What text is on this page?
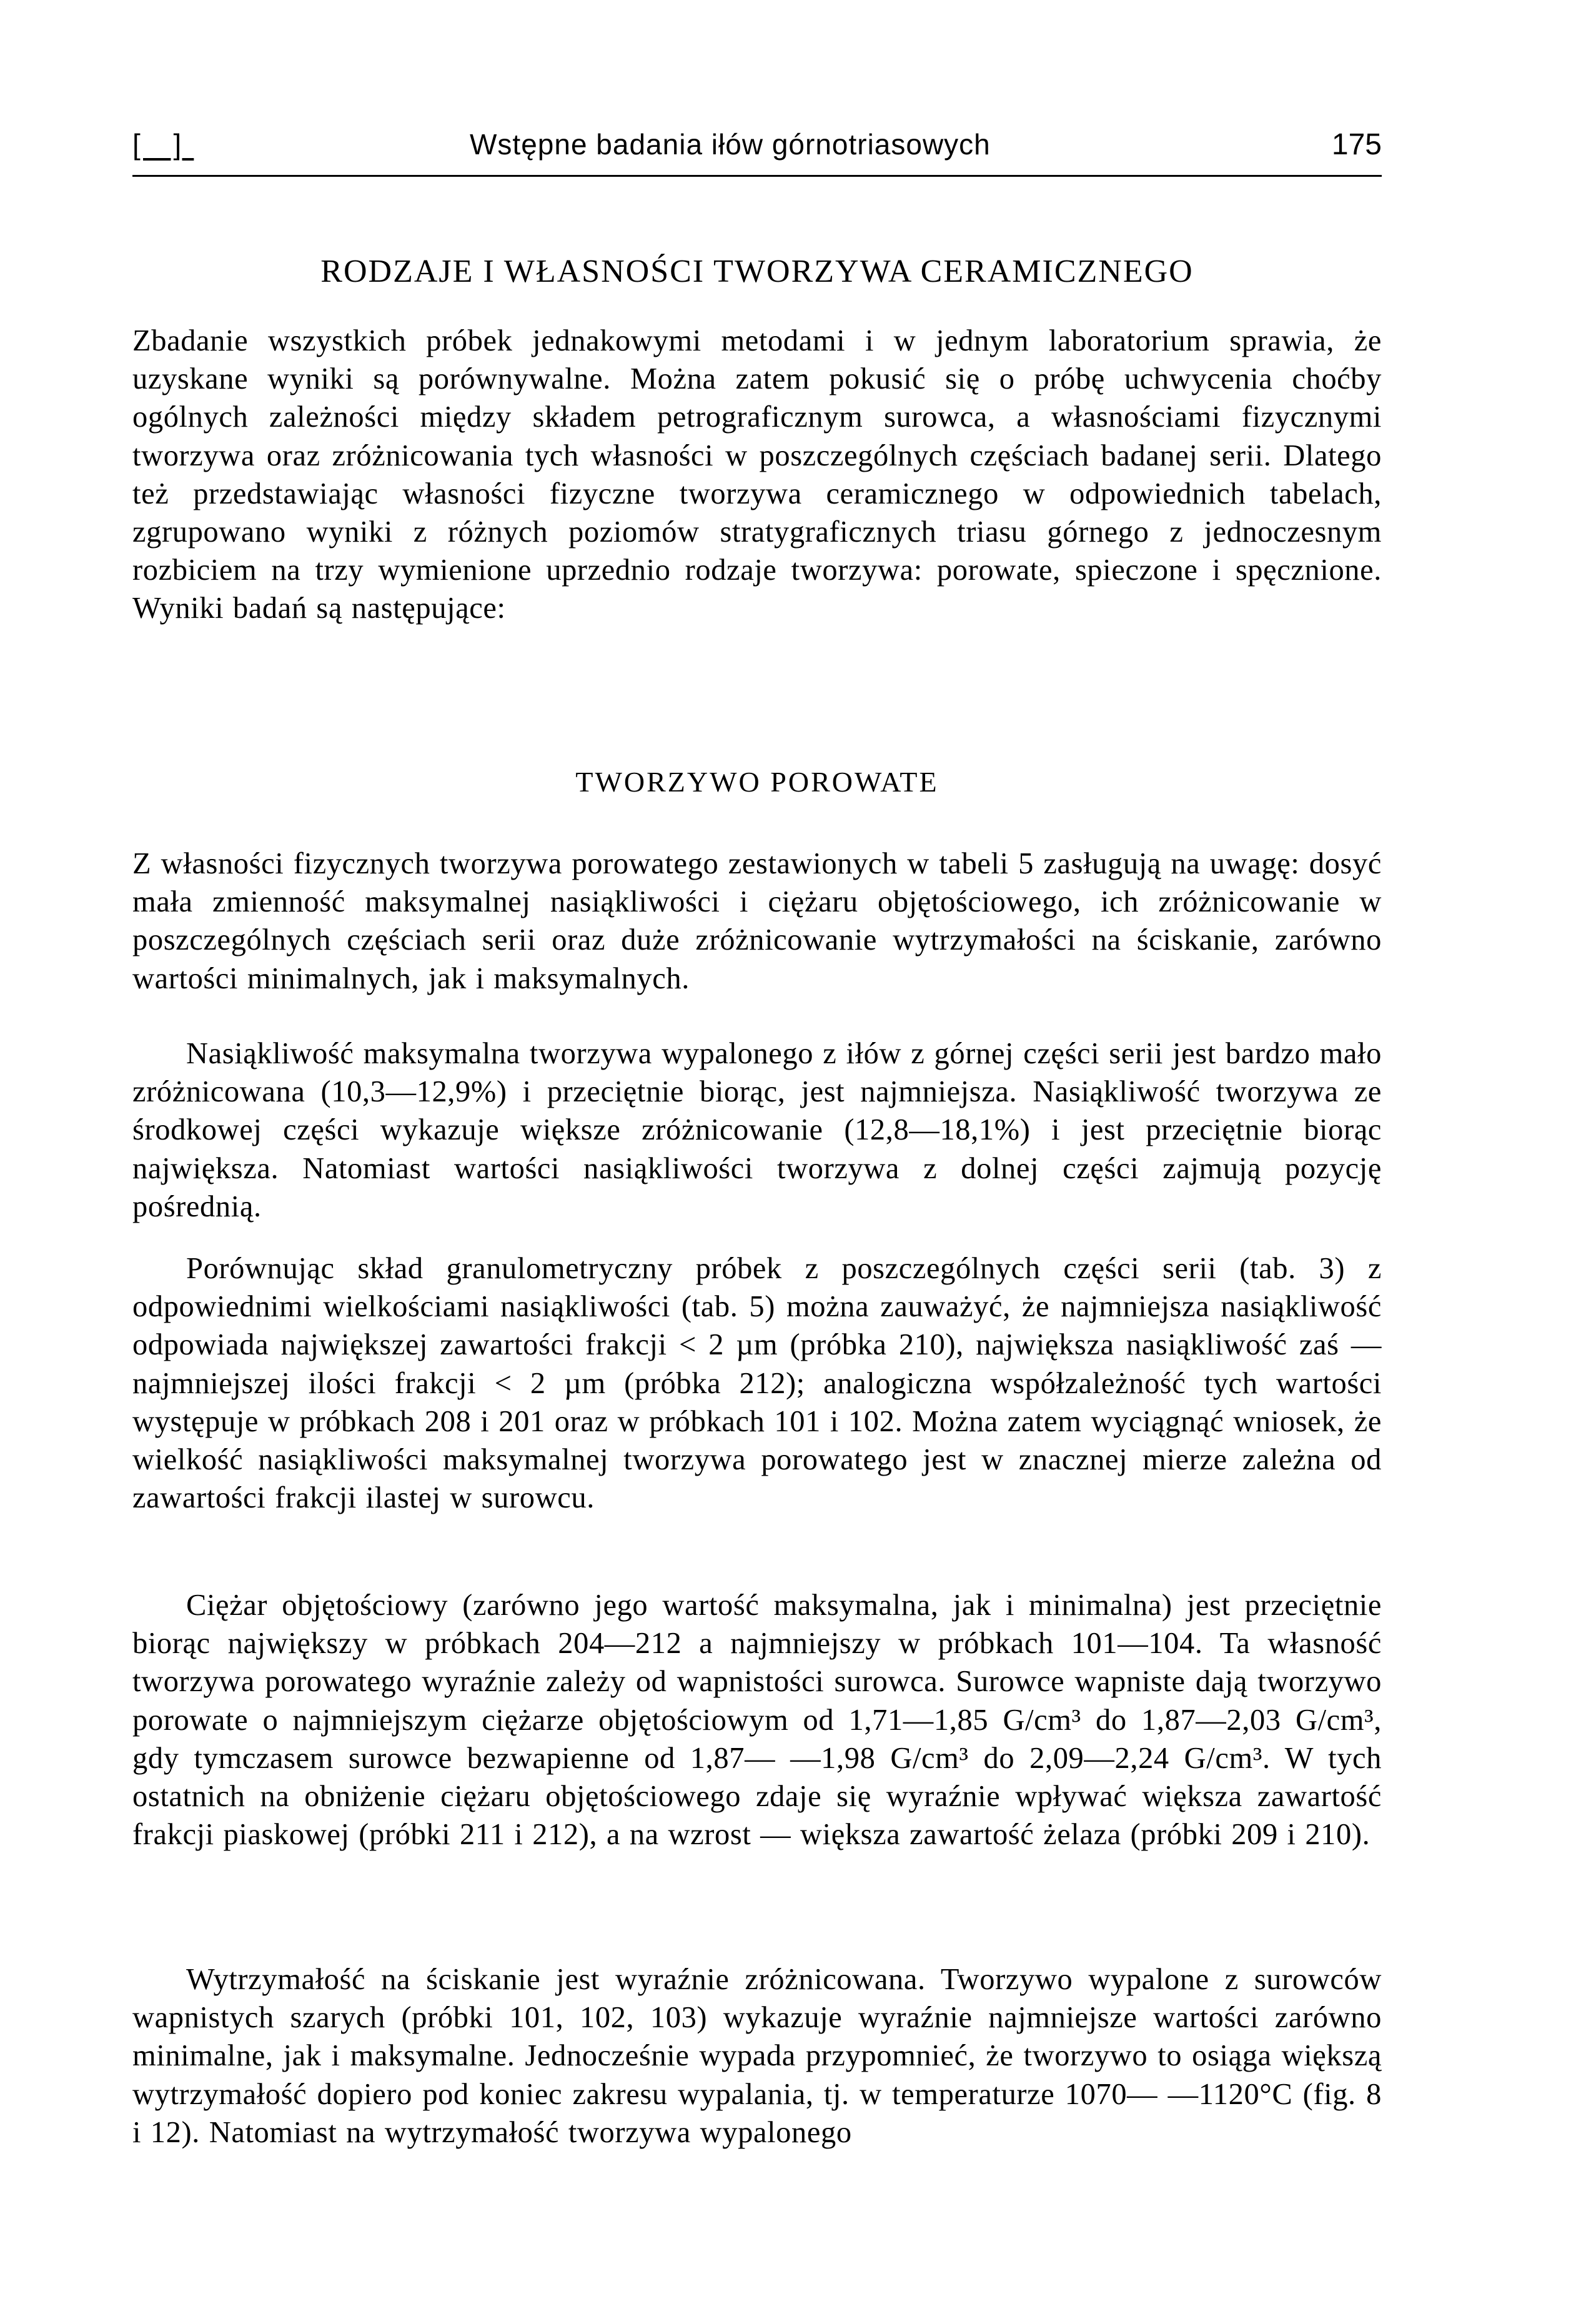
[ ]	Wstępne badania iłów górnotriasowych	175
RODZAJE I WŁASNOŚCI TWORZYWA CERAMICZNEGO

Zbadanie wszystkich próbek jednakowymi metodami i w jednym laboratorium sprawia, że uzyskane wyniki są porównywalne. Można zatem pokusić się o próbę uchwycenia choćby ogólnych zależności między składem petrograficznym surowca, a własnościami fizycznymi tworzywa oraz zróżnicowania tych własności w poszczególnych częściach badanej serii. Dlatego też przedstawiając własności fizyczne tworzywa ceramicznego w odpowiednich tabelach, zgrupowano wyniki z różnych poziomów stratygraficznych triasu górnego z jednoczesnym rozbiciem na trzy wymienione uprzednio rodzaje tworzywa: porowate, spieczone i spęcznione. Wyniki badań są następujące:

TWORZYWO POROWATE

Z własności fizycznych tworzywa porowatego zestawionych w tabeli 5 zasługują na uwagę: dosyć mała zmienność maksymalnej nasiąkliwości i ciężaru objętościowego, ich zróżnicowanie w poszczególnych częściach serii oraz duże zróżnicowanie wytrzymałości na ściskanie, zarówno wartości minimalnych, jak i maksymalnych.

Nasiąkliwość maksymalna tworzywa wypalonego z iłów z górnej części serii jest bardzo mało zróżnicowana (10,3—12,9%) i przeciętnie biorąc, jest najmniejsza. Nasiąkliwość tworzywa ze środkowej części wykazuje większe zróżnicowanie (12,8—18,1%) i jest przeciętnie biorąc największa. Natomiast wartości nasiąkliwości tworzywa z dolnej części zajmują pozycję pośrednią.

Porównując skład granulometryczny próbek z poszczególnych części serii (tab. 3) z odpowiednimi wielkościami nasiąkliwości (tab. 5) można zauważyć, że najmniejsza nasiąkliwość odpowiada największej zawartości frakcji < 2 µm (próbka 210), największa nasiąkliwość zaś — najmniejszej ilości frakcji < 2 µm (próbka 212); analogiczna współzależność tych wartości występuje w próbkach 208 i 201 oraz w próbkach 101 i 102. Można zatem wyciągnąć wniosek, że wielkość nasiąkliwości maksymalnej tworzywa porowatego jest w znacznej mierze zależna od zawartości frakcji ilastej w surowcu.

Ciężar objętościowy (zarówno jego wartość maksymalna, jak i minimalna) jest przeciętnie biorąc największy w próbkach 204—212 a najmniejszy w próbkach 101—104. Ta własność tworzywa porowatego wyraźnie zależy od wapnistości surowca. Surowce wapniste dają tworzywo porowate o najmniejszym ciężarze objętościowym od 1,71—1,85 G/cm³ do 1,87—2,03 G/cm³, gdy tymczasem surowce bezwapienne od 1,87— —1,98 G/cm³ do 2,09—2,24 G/cm³. W tych ostatnich na obniżenie ciężaru objętościowego zdaje się wyraźnie wpływać większa zawartość frakcji piaskowej (próbki 211 i 212), a na wzrost — większa zawartość żelaza (próbki 209 i 210).

Wytrzymałość na ściskanie jest wyraźnie zróżnicowana. Tworzywo wypalone z surowców wapnistych szarych (próbki 101, 102, 103) wykazuje wyraźnie najmniejsze wartości zarówno minimalne, jak i maksymalne. Jednocześnie wypada przypomnieć, że tworzywo to osiąga większą wytrzymałość dopiero pod koniec zakresu wypalania, tj. w temperaturze 1070— —1120°C (fig. 8 i 12). Natomiast na wytrzymałość tworzywa wypalonego
